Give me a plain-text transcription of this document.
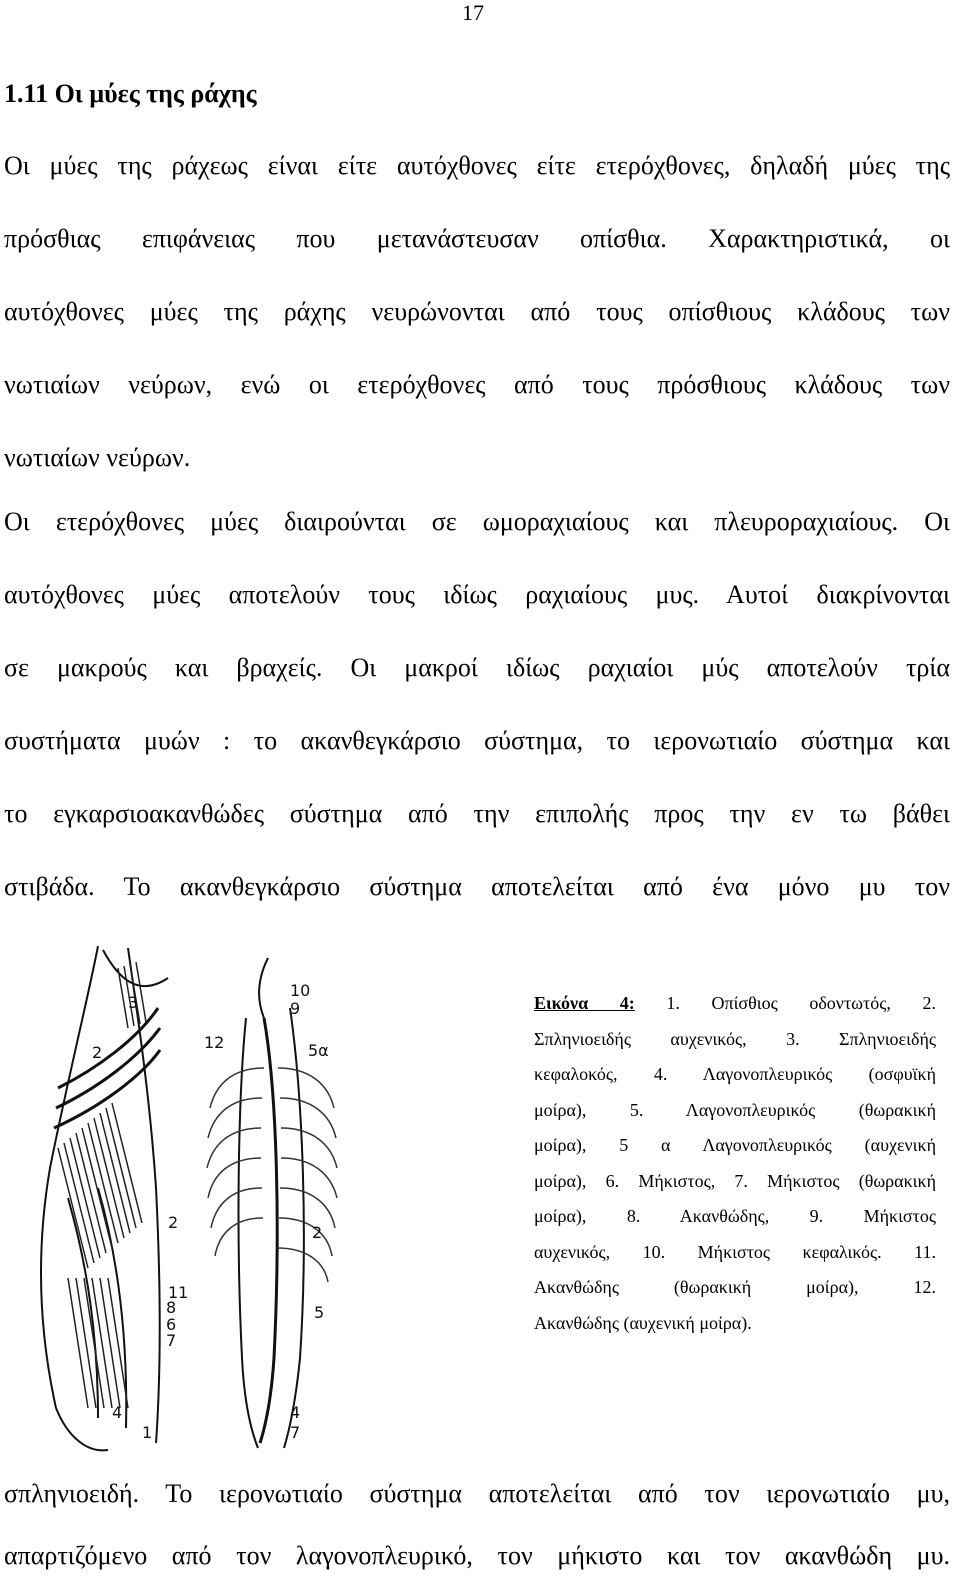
17
1.11 Οι μύες της ράχης
Οι μύες της ράχεως είναι είτε αυτόχθονες είτε ετερόχθονες, δηλαδή μύες της
πρόσθιας επιφάνειας που μετανάστευσαν οπίσθια. Χαρακτηριστικά, οι
αυτόχθονες μύες της ράχης νευρώνονται από τους οπίσθιους κλάδους των
νωτιαίων νεύρων, ενώ οι ετερόχθονες από τους πρόσθιους κλάδους των
νωτιαίων νεύρων.
Οι ετερόχθονες μύες διαιρούνται σε ωμοραχιαίους και πλευροραχιαίους. Οι
αυτόχθονες μύες αποτελούν τους ιδίως ραχιαίους μυς. Αυτοί διακρίνονται
σε μακρούς και βραχείς. Οι μακροί ιδίως ραχιαίοι μύς αποτελούν τρία
συστήματα μυών : το ακανθεγκάρσιο σύστημα, το ιερονωτιαίο σύστημα και
το εγκαρσιοακανθώδες σύστημα από την επιπολής προς την εν τω βάθει
στιβάδα. Το ακανθεγκάρσιο σύστημα αποτελείται από ένα μόνο μυ τον
3
2
2
11
8
6
7
4
1
12	5α
10
9
2
5
4
7
Εικόνα 4: 1. Οπίσθιος οδοντωτός, 2.
Σπληνιοειδής αυχενικός, 3. Σπληνιοειδής
κεφαλοκός, 4. Λαγονοπλευρικός (οσφυϊκή
μοίρα), 5. Λαγονοπλευρικός (θωρακική
μοίρα), 5 α Λαγονοπλευρικός (αυχενική
μοίρα), 6. Μήκιστος, 7. Μήκιστος (θωρακική
μοίρα), 8. Ακανθώδης, 9. Μήκιστος
αυχενικός, 10. Μήκιστος κεφαλικός. 11.
Ακανθώδης (θωρακική μοίρα), 12.
Ακανθώδης (αυχενική μοίρα).
σπληνιοειδή. Το ιερονωτιαίο σύστημα αποτελείται από τον ιερονωτιαίο μυ,
απαρτιζόμενο από τον λαγονοπλευρικό, τον μήκιστο και τον ακανθώδη μυ.
